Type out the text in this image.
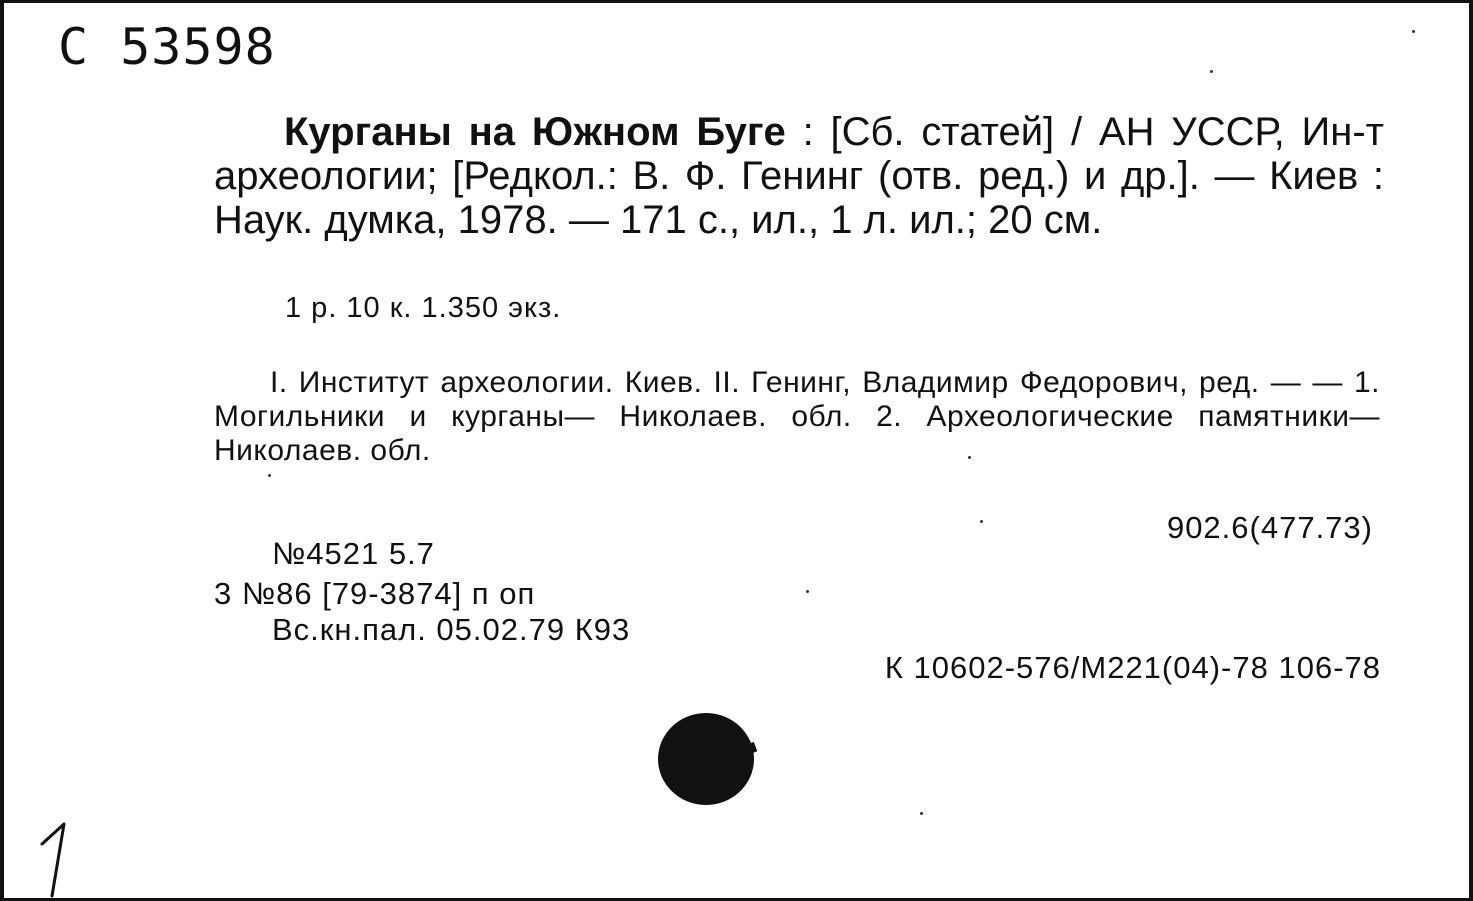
C 53598
Курганы на Южном Буге : [Сб. статей] / АН УССР, Ин-т археологии; [Редкол.: В. Ф. Генинг (отв. ред.) и др.]. — Киев : Наук. думка, 1978. — 171 с., ил., 1 л. ил.; 20 см.
1 р. 10 к. 1.350 экз.
I. Институт археологии. Киев. II. Генинг, Владимир Федорович, ред. — — 1. Могильники и курганы— Николаев. обл. 2. Археологические памятники— Николаев. обл.
902.6(477.73)
№4521 5.7
3 №86 [79-3874] п оп
Вс.кн.пал. 05.02.79 К93
К 10602-576/М221(04)-78 106-78
